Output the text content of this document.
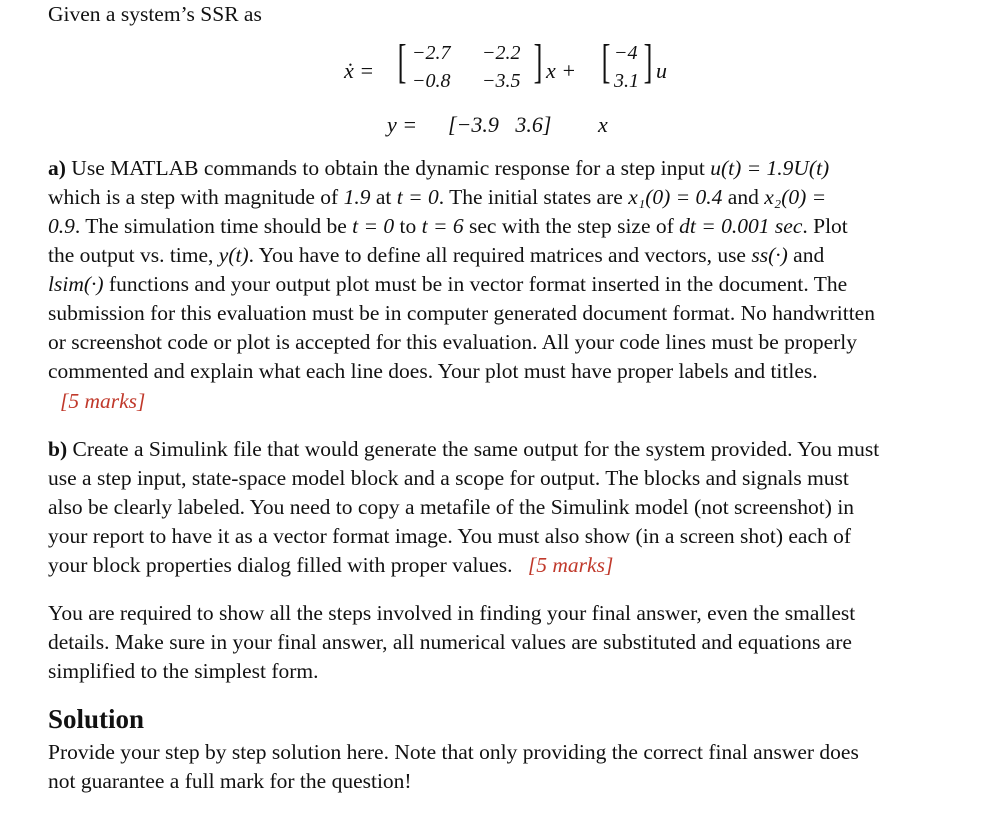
Given a system’s SSR as
ẋ = [ −2.7 −2.2
−0.8 −3.5 ] x + [ −4
3.1 ] u
y = [−3.9   3.6] x
a) Use MATLAB commands to obtain the dynamic response for a step input u(t) = 1.9U(t)
which is a step with magnitude of 1.9 at t = 0. The initial states are x₁(0) = 0.4 and x₂(0) =
0.9. The simulation time should be t = 0 to t = 6 sec with the step size of dt = 0.001 sec. Plot
the output vs. time, y(t). You have to define all required matrices and vectors, use ss(·) and
lsim(·) functions and your output plot must be in vector format inserted in the document. The
submission for this evaluation must be in computer generated document format. No handwritten
or screenshot code or plot is accepted for this evaluation. All your code lines must be properly
commented and explain what each line does. Your plot must have proper labels and titles.
[5 marks]
b) Create a Simulink file that would generate the same output for the system provided. You must
use a step input, state-space model block and a scope for output. The blocks and signals must
also be clearly labeled. You need to copy a metafile of the Simulink model (not screenshot) in
your report to have it as a vector format image. You must also show (in a screen shot) each of
your block properties dialog filled with proper values. [5 marks]
You are required to show all the steps involved in finding your final answer, even the smallest
details. Make sure in your final answer, all numerical values are substituted and equations are
simplified to the simplest form.
Solution
Provide your step by step solution here. Note that only providing the correct final answer does
not guarantee a full mark for the question!
